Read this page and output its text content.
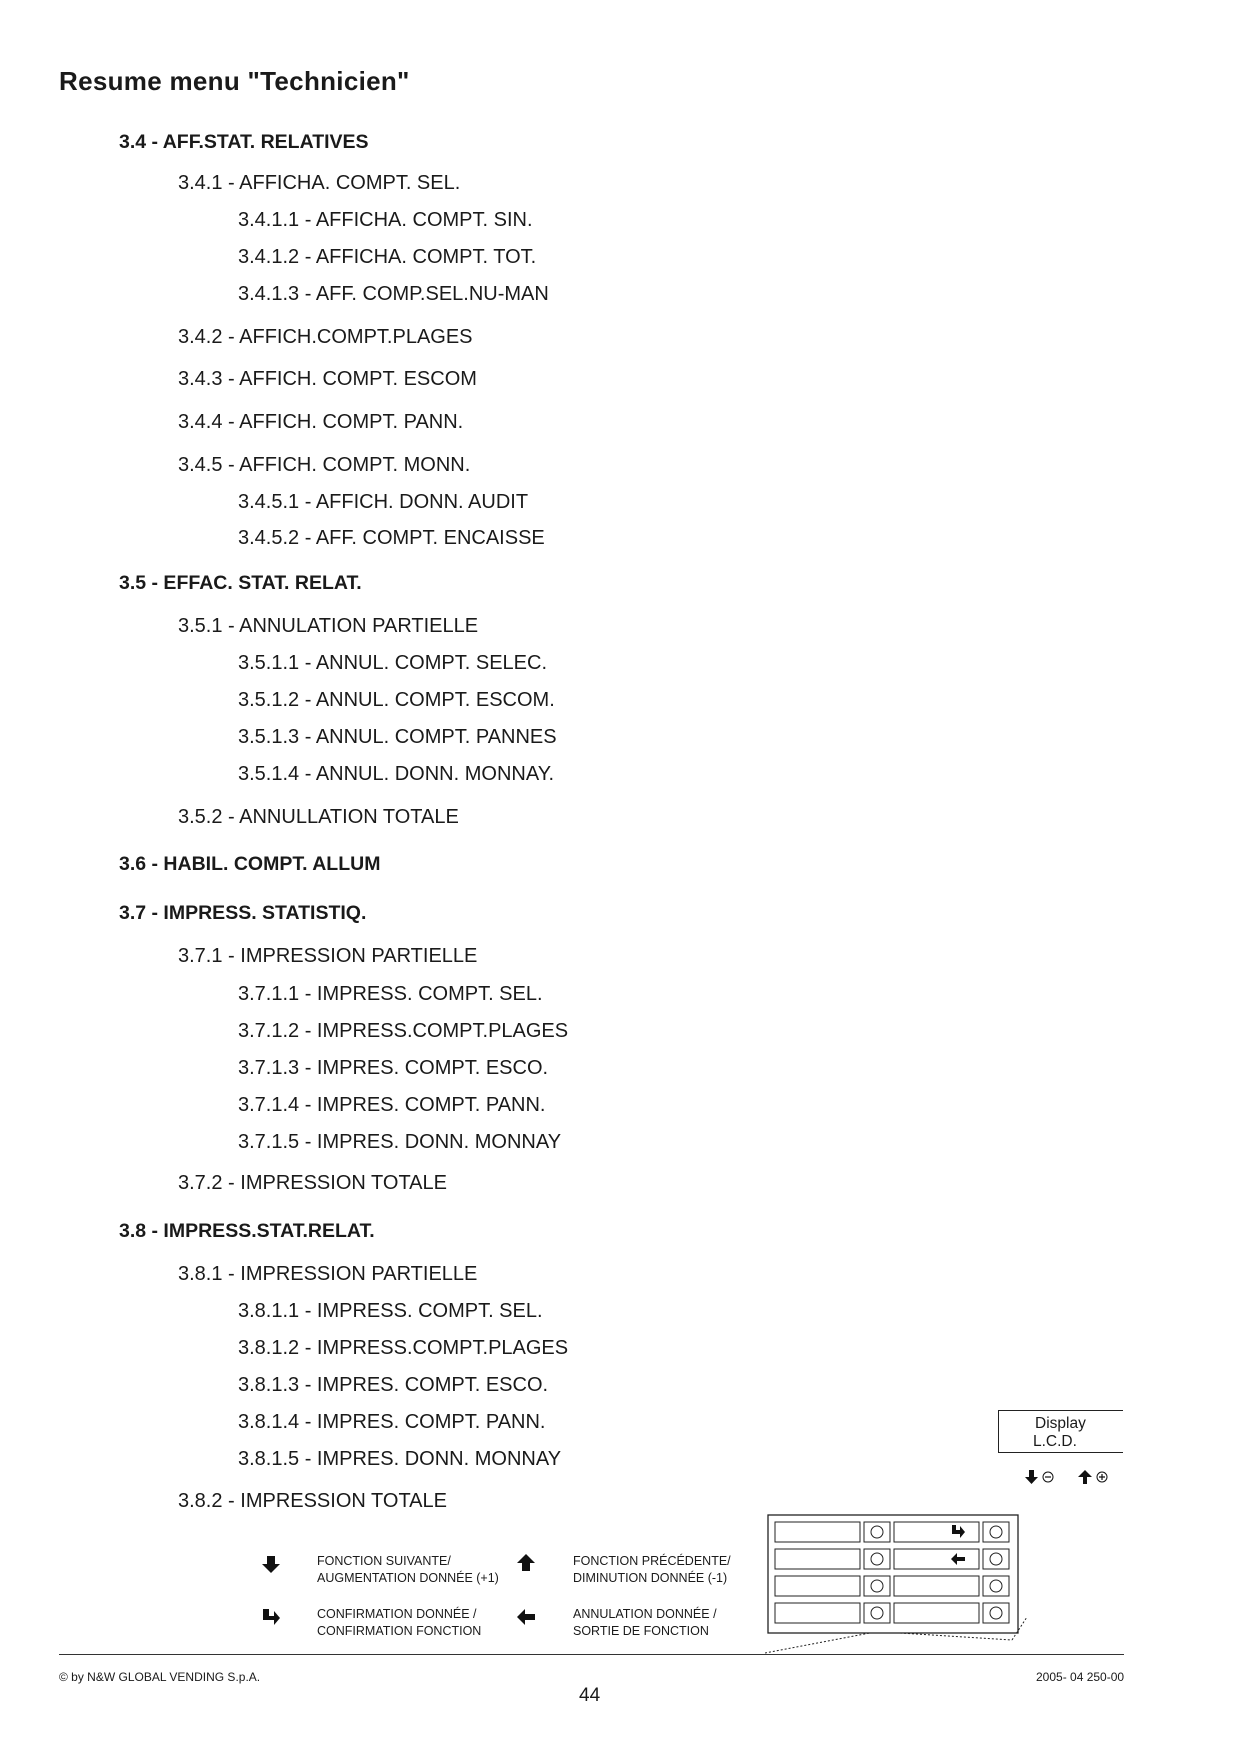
Resume menu "Technicien"
3.4 - AFF.STAT. RELATIVES
3.4.1 - AFFICHA. COMPT. SEL.
3.4.1.1 - AFFICHA. COMPT. SIN.
3.4.1.2 - AFFICHA. COMPT. TOT.
3.4.1.3 - AFF. COMP.SEL.NU-MAN
3.4.2 - AFFICH.COMPT.PLAGES
3.4.3 - AFFICH. COMPT. ESCOM
3.4.4 - AFFICH. COMPT. PANN.
3.4.5 - AFFICH. COMPT. MONN.
3.4.5.1 - AFFICH. DONN. AUDIT
3.4.5.2 - AFF. COMPT. ENCAISSE
3.5 - EFFAC. STAT. RELAT.
3.5.1 - ANNULATION PARTIELLE
3.5.1.1 - ANNUL. COMPT. SELEC.
3.5.1.2 - ANNUL. COMPT. ESCOM.
3.5.1.3 - ANNUL. COMPT. PANNES
3.5.1.4 - ANNUL. DONN. MONNAY.
3.5.2 - ANNULLATION TOTALE
3.6 - HABIL. COMPT. ALLUM
3.7 - IMPRESS. STATISTIQ.
3.7.1 - IMPRESSION PARTIELLE
3.7.1.1 - IMPRESS. COMPT. SEL.
3.7.1.2 - IMPRESS.COMPT.PLAGES
3.7.1.3 - IMPRES. COMPT. ESCO.
3.7.1.4 - IMPRES. COMPT. PANN.
3.7.1.5 - IMPRES. DONN. MONNAY
3.7.2 - IMPRESSION TOTALE
3.8 - IMPRESS.STAT.RELAT.
3.8.1 - IMPRESSION PARTIELLE
3.8.1.1 - IMPRESS. COMPT. SEL.
3.8.1.2 - IMPRESS.COMPT.PLAGES
3.8.1.3 - IMPRES. COMPT. ESCO.
3.8.1.4 - IMPRES. COMPT. PANN.
3.8.1.5 - IMPRES. DONN. MONNAY
3.8.2 - IMPRESSION TOTALE
Display
L.C.D.
FONCTION SUIVANTE/
AUGMENTATION DONNÉE (+1)
FONCTION PRÉCÉDENTE/
DIMINUTION DONNÉE (-1)
CONFIRMATION DONNÉE /
CONFIRMATION FONCTION
ANNULATION DONNÉE /
SORTIE DE FONCTION
© by N&W GLOBAL VENDING S.p.A.	2005- 04 250-00
44
